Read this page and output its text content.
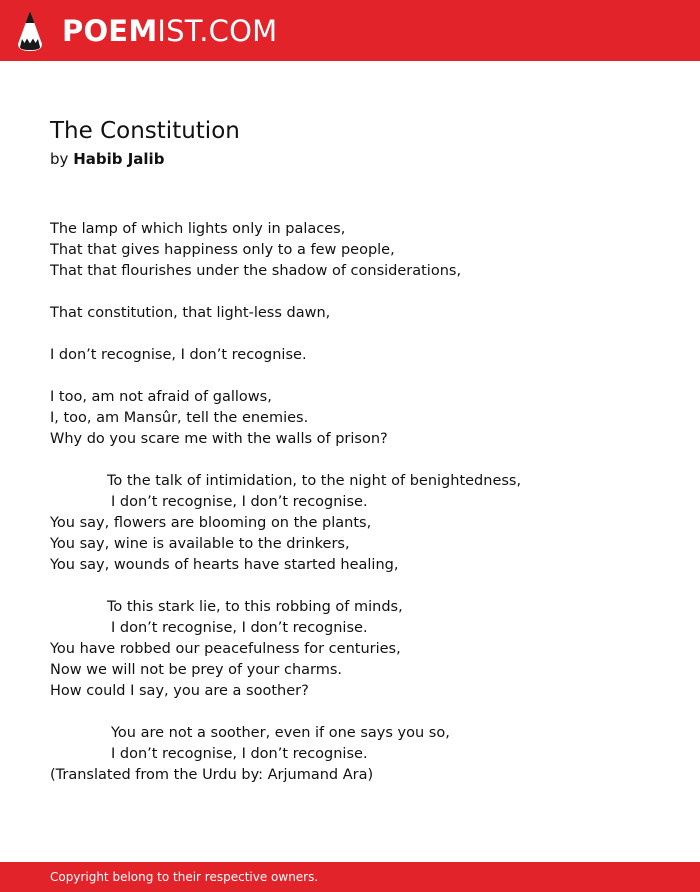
POEMIST.COM
The Constitution

by Habib Jalib

The lamp of which lights only in palaces,
That that gives happiness only to a few people,
That that flourishes under the shadow of considerations,
That constitution, that light-less dawn,
I don’t recognise, I don’t recognise.
I too, am not afraid of gallows,
I, too, am Mansûr, tell the enemies.
Why do you scare me with the walls of prison?
To the talk of intimidation, to the night of benightedness,
I don’t recognise, I don’t recognise.
You say, flowers are blooming on the plants,
You say, wine is available to the drinkers,
You say, wounds of hearts have started healing,
To this stark lie, to this robbing of minds,
I don’t recognise, I don’t recognise.
You have robbed our peacefulness for centuries,
Now we will not be prey of your charms.
How could I say, you are a soother?
You are not a soother, even if one says you so,
I don’t recognise, I don’t recognise.
(Translated from the Urdu by: Arjumand Ara)

Copyright belong to their respective owners.
